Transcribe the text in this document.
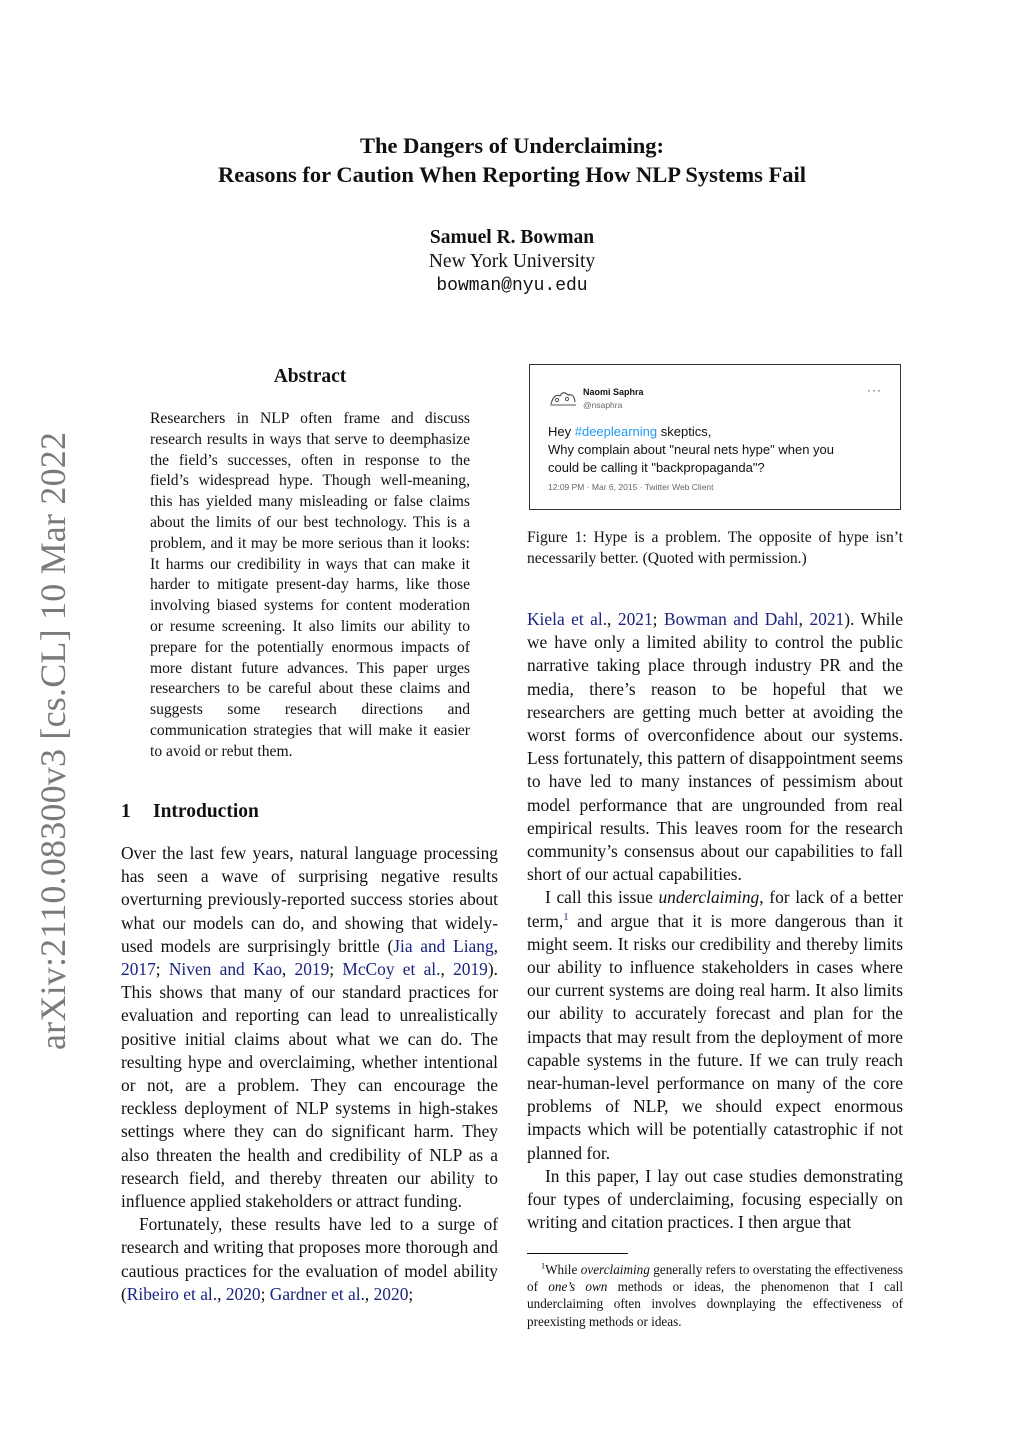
arXiv:2110.08300v3 [cs.CL] 10 Mar 2022
The Dangers of Underclaiming:
Reasons for Caution When Reporting How NLP Systems Fail
Samuel R. Bowman
New York University
bowman@nyu.edu
Abstract
Researchers in NLP often frame and discuss research results in ways that serve to deemphasize the field’s successes, often in response to the field’s widespread hype. Though well-meaning, this has yielded many misleading or false claims about the limits of our best technology. This is a problem, and it may be more serious than it looks: It harms our credibility in ways that can make it harder to mitigate present-day harms, like those involving biased systems for content moderation or resume screening. It also limits our ability to prepare for the potentially enormous impacts of more distant future advances. This paper urges researchers to be careful about these claims and suggests some research directions and communication strategies that will make it easier to avoid or rebut them.
1 Introduction

Over the last few years, natural language processing has seen a wave of surprising negative results overturning previously-reported success stories about what our models can do, and showing that widely-used models are surprisingly brittle (Jia and Liang, 2017; Niven and Kao, 2019; McCoy et al., 2019). This shows that many of our standard practices for evaluation and reporting can lead to unrealistically positive initial claims about what we can do. The resulting hype and overclaiming, whether intentional or not, are a problem. They can encourage the reckless deployment of NLP systems in high-stakes settings where they can do significant harm. They also threaten the health and credibility of NLP as a research field, and thereby threaten our ability to influence applied stakeholders or attract funding.

Fortunately, these results have led to a surge of research and writing that proposes more thorough and cautious practices for the evaluation of model ability (Ribeiro et al., 2020; Gardner et al., 2020;

Naomi Saphra
@nsaphra
···
Hey #deeplearning skeptics,
Why complain about "neural nets hype" when you
could be calling it "backpropaganda"?
12:09 PM · Mar 6, 2015 · Twitter Web Client
Figure 1: Hype is a problem. The opposite of hype isn’t necessarily better. (Quoted with permission.)

Kiela et al., 2021; Bowman and Dahl, 2021). While we have only a limited ability to control the public narrative taking place through industry PR and the media, there’s reason to be hopeful that we researchers are getting much better at avoiding the worst forms of overconfidence about our systems. Less fortunately, this pattern of disappointment seems to have led to many instances of pessimism about model performance that are ungrounded from real empirical results. This leaves room for the research community’s consensus about our capabilities to fall short of our actual capabilities.

I call this issue underclaiming, for lack of a better term,$^1$ and argue that it is more dangerous than it might seem. It risks our credibility and thereby limits our ability to influence stakeholders in cases where our current systems are doing real harm. It also limits our ability to accurately forecast and plan for the impacts that may result from the deployment of more capable systems in the future. If we can truly reach near-human-level performance on many of the core problems of NLP, we should expect enormous impacts which will be potentially catastrophic if not planned for.

In this paper, I lay out case studies demonstrating four types of underclaiming, focusing especially on writing and citation practices. I then argue that

$^1$While overclaiming generally refers to overstating the effectiveness of one’s own methods or ideas, the phenomenon that I call underclaiming often involves downplaying the effectiveness of preexisting methods or ideas.
